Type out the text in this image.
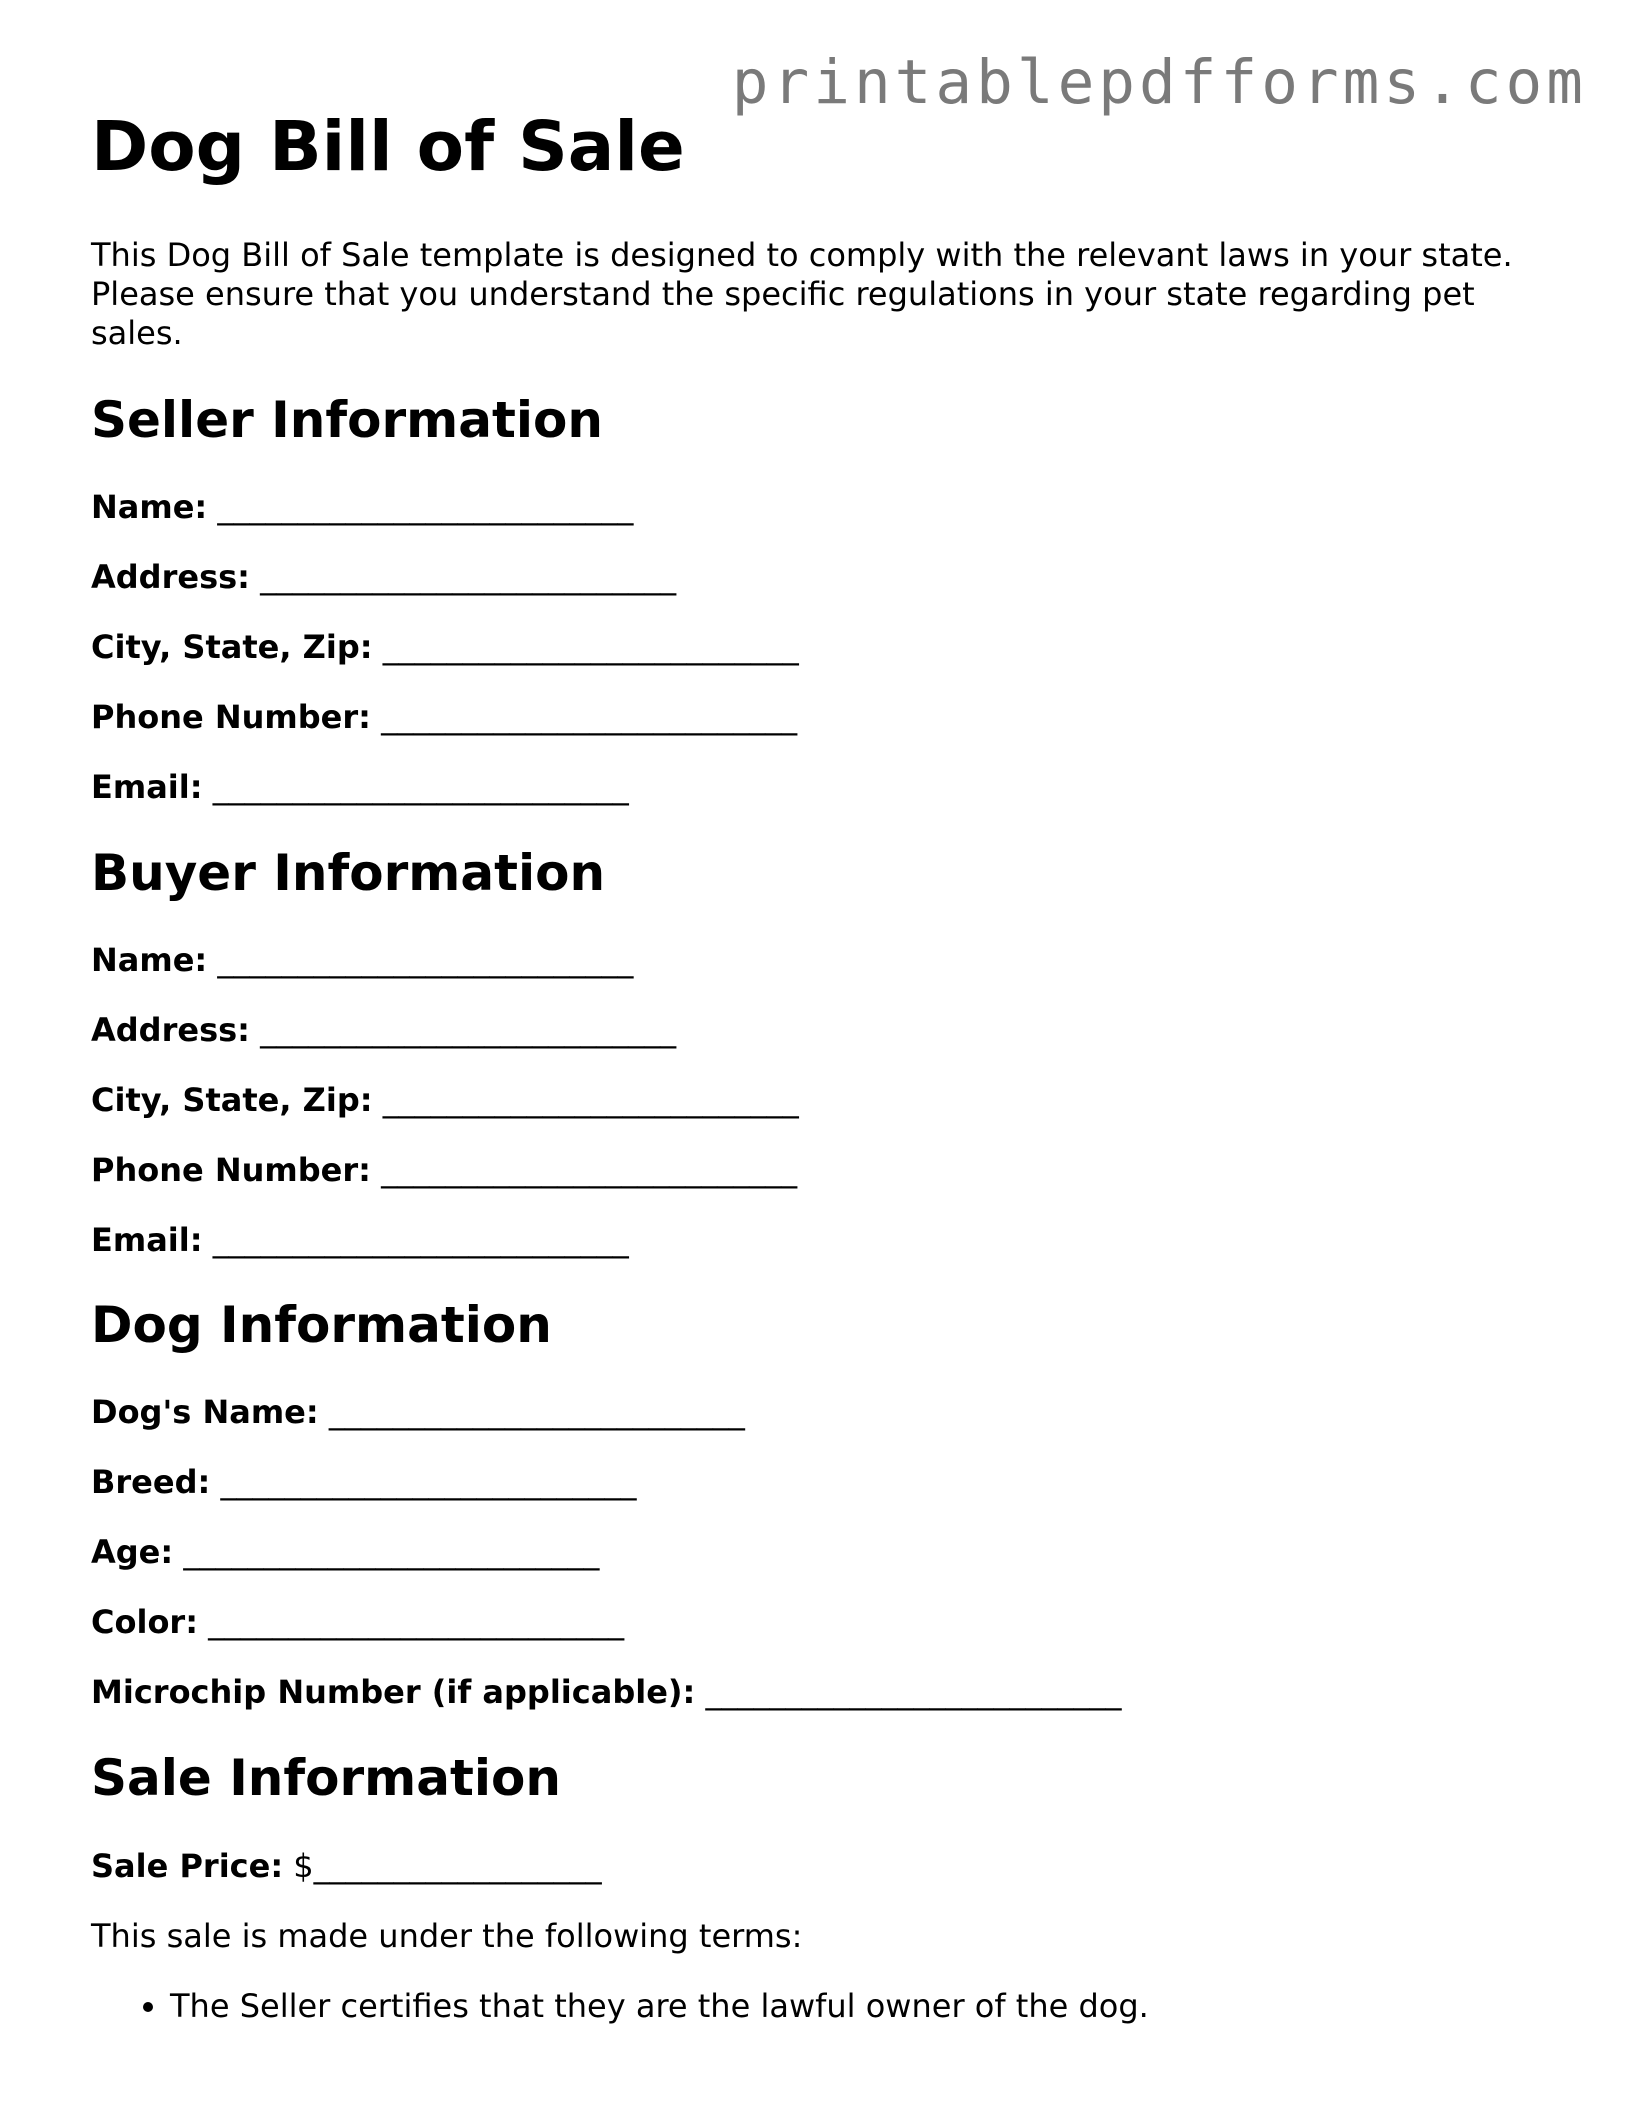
printablepdfforms.com
Dog Bill of Sale

This Dog Bill of Sale template is designed to comply with the relevant laws in your state. Please ensure that you understand the specific regulations in your state regarding pet sales.

Seller Information

Name: __________________________

Address: __________________________

City, State, Zip: __________________________

Phone Number: __________________________

Email: __________________________

Buyer Information

Name: __________________________

Address: __________________________

City, State, Zip: __________________________

Phone Number: __________________________

Email: __________________________

Dog Information

Dog's Name: __________________________

Breed: __________________________

Age: __________________________

Color: __________________________

Microchip Number (if applicable): __________________________

Sale Information

Sale Price: $__________________

This sale is made under the following terms:

• The Seller certifies that they are the lawful owner of the dog.
